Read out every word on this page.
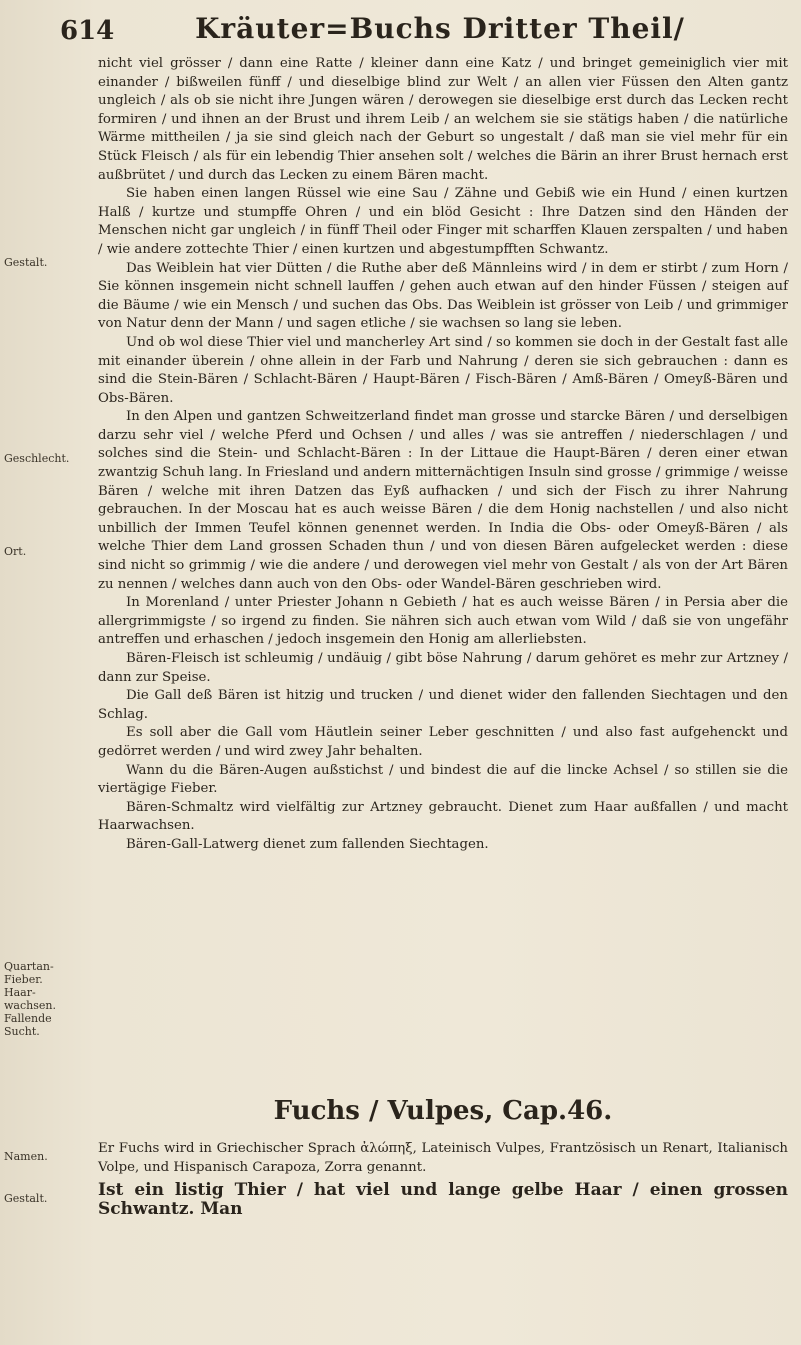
614	Kräuter=Buchs Dritter Theil/
Gestalt.
Geschlecht.
Ort.
Quartan-Fieber. Haar-wachsen. Fallende Sucht.
Namen.
Gestalt.

nicht viel grösser / dann eine Ratte / kleiner dann eine Katz / und bringet gemeiniglich vier mit einander / bißweilen fünff / und dieselbige blind zur Welt / an allen vier Füssen den Alten gantz ungleich / als ob sie nicht ihre Jungen wären / derowegen sie dieselbige erst durch das Lecken recht formiren / und ihnen an der Brust und ihrem Leib / an welchem sie sie stätigs haben / die natürliche Wärme mittheilen / ja sie sind gleich nach der Geburt so ungestalt / daß man sie viel mehr für ein Stück Fleisch / als für ein lebendig Thier ansehen solt / welches die Bärin an ihrer Brust hernach erst außbrütet / und durch das Lecken zu einem Bären macht.

Sie haben einen langen Rüssel wie eine Sau / Zähne und Gebiß wie ein Hund / einen kurtzen Halß / kurtze und stumpffe Ohren / und ein blöd Gesicht : Ihre Datzen sind den Händen der Menschen nicht gar ungleich / in fünff Theil oder Finger mit scharffen Klauen zerspalten / und haben / wie andere zottechte Thier / einen kurtzen und abgestumpfften Schwantz.

Das Weiblein hat vier Dütten / die Ruthe aber deß Männleins wird / in dem er stirbt / zum Horn / Sie können insgemein nicht schnell lauffen / gehen auch etwan auf den hinder Füssen / steigen auf die Bäume / wie ein Mensch / und suchen das Obs. Das Weiblein ist grösser von Leib / und grimmiger von Natur denn der Mann / und sagen etliche / sie wachsen so lang sie leben.

Und ob wol diese Thier viel und mancherley Art sind / so kommen sie doch in der Gestalt fast alle mit einander überein / ohne allein in der Farb und Nahrung / deren sie sich gebrauchen : dann es sind die Stein-Bären / Schlacht-Bären / Haupt-Bären / Fisch-Bären / Amß-Bären / Omeyß-Bären und Obs-Bären.

In den Alpen und gantzen Schweitzerland findet man grosse und starcke Bären / und derselbigen darzu sehr viel / welche Pferd und Ochsen / und alles / was sie antreffen / niederschlagen / und solches sind die Stein- und Schlacht-Bären : In der Littaue die Haupt-Bären / deren einer etwan zwantzig Schuh lang. In Friesland und andern mitternächtigen Insuln sind grosse / grimmige / weisse Bären / welche mit ihren Datzen das Eyß aufhacken / und sich der Fisch zu ihrer Nahrung gebrauchen. In der Moscau hat es auch weisse Bären / die dem Honig nachstellen / und also nicht unbillich der Immen Teufel können genennet werden. In India die Obs- oder Omeyß-Bären / als welche Thier dem Land grossen Schaden thun / und von diesen Bären aufgelecket werden : diese sind nicht so grimmig / wie die andere / und derowegen viel mehr von Gestalt / als von der Art Bären zu nennen / welches dann auch von den Obs- oder Wandel-Bären geschrieben wird.

In Morenland / unter Priester Johann n Gebieth / hat es auch weisse Bären / in Persia aber die allergrimmigste / so irgend zu finden. Sie nähren sich auch etwan vom Wild / daß sie von ungefähr antreffen und erhaschen / jedoch insgemein den Honig am allerliebsten.

Bären-Fleisch ist schleumig / undäuig / gibt böse Nahrung / darum gehöret es mehr zur Artzney / dann zur Speise.

Die Gall deß Bären ist hitzig und trucken / und dienet wider den fallenden Siechtagen und den Schlag.

Es soll aber die Gall vom Häutlein seiner Leber geschnitten / und also fast aufgehenckt und gedörret werden / und wird zwey Jahr behalten.

Wann du die Bären-Augen außstichst / und bindest die auf die lincke Achsel / so stillen sie die viertägige Fieber.

Bären-Schmaltz wird vielfältig zur Artzney gebraucht. Dienet zum Haar außfallen / und macht Haarwachsen.

Bären-Gall-Latwerg dienet zum fallenden Siechtagen.

Fuchs / Vulpes, Cap.46.

Er Fuchs wird in Griechischer Sprach ἀλώπηξ, Lateinisch Vulpes, Frantzösisch un Renart, Italianisch Volpe, und Hispanisch Carapoza, Zorra genannt.

Ist ein listig Thier / hat viel und lange gelbe Haar / einen grossen Schwantz. Man
